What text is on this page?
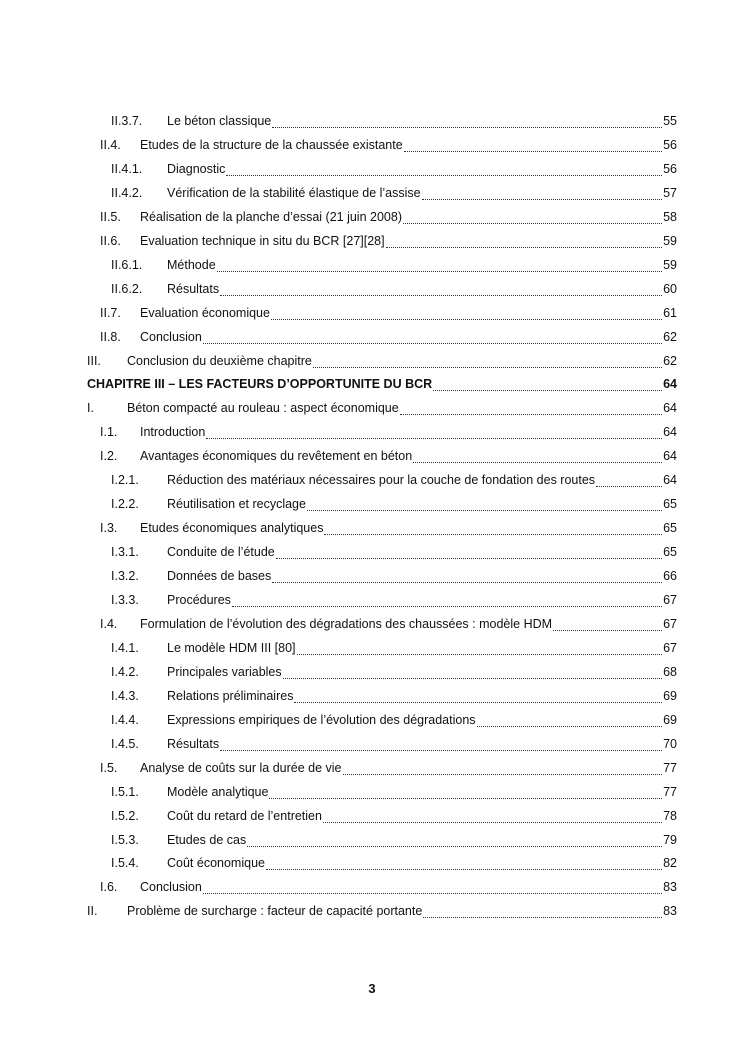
II.3.7.	Le béton classique	55
II.4.	Etudes de la structure de la chaussée existante	56
II.4.1.	Diagnostic	56
II.4.2.	Vérification de la stabilité élastique de l’assise	57
II.5.	Réalisation de la planche d’essai (21 juin 2008)	58
II.6.	Evaluation technique in situ du BCR [27][28]	59
II.6.1.	Méthode	59
II.6.2.	Résultats	60
II.7.	Evaluation économique	61
II.8.	Conclusion	62
III.	Conclusion du deuxième chapitre	62
CHAPITRE III – LES FACTEURS D’OPPORTUNITE DU BCR	64
I.	Béton compacté au rouleau : aspect économique	64
I.1.	Introduction	64
I.2.	Avantages économiques du revêtement en béton	64
I.2.1.	Réduction des matériaux nécessaires pour la couche de fondation des routes	64
I.2.2.	Réutilisation et recyclage	65
I.3.	Etudes économiques analytiques	65
I.3.1.	Conduite de l’étude	65
I.3.2.	Données de bases	66
I.3.3.	Procédures	67
I.4.	Formulation de l’évolution des dégradations des chaussées : modèle HDM	67
I.4.1.	Le modèle HDM III [80]	67
I.4.2.	Principales variables	68
I.4.3.	Relations préliminaires	69
I.4.4.	Expressions empiriques de l’évolution des dégradations	69
I.4.5.	Résultats	70
I.5.	Analyse de coûts sur la durée de vie	77
I.5.1.	Modèle analytique	77
I.5.2.	Coût du retard de l’entretien	78
I.5.3.	Etudes de cas	79
I.5.4.	Coût économique	82
I.6.	Conclusion	83
II.	Problème de surcharge : facteur de capacité portante	83
3
